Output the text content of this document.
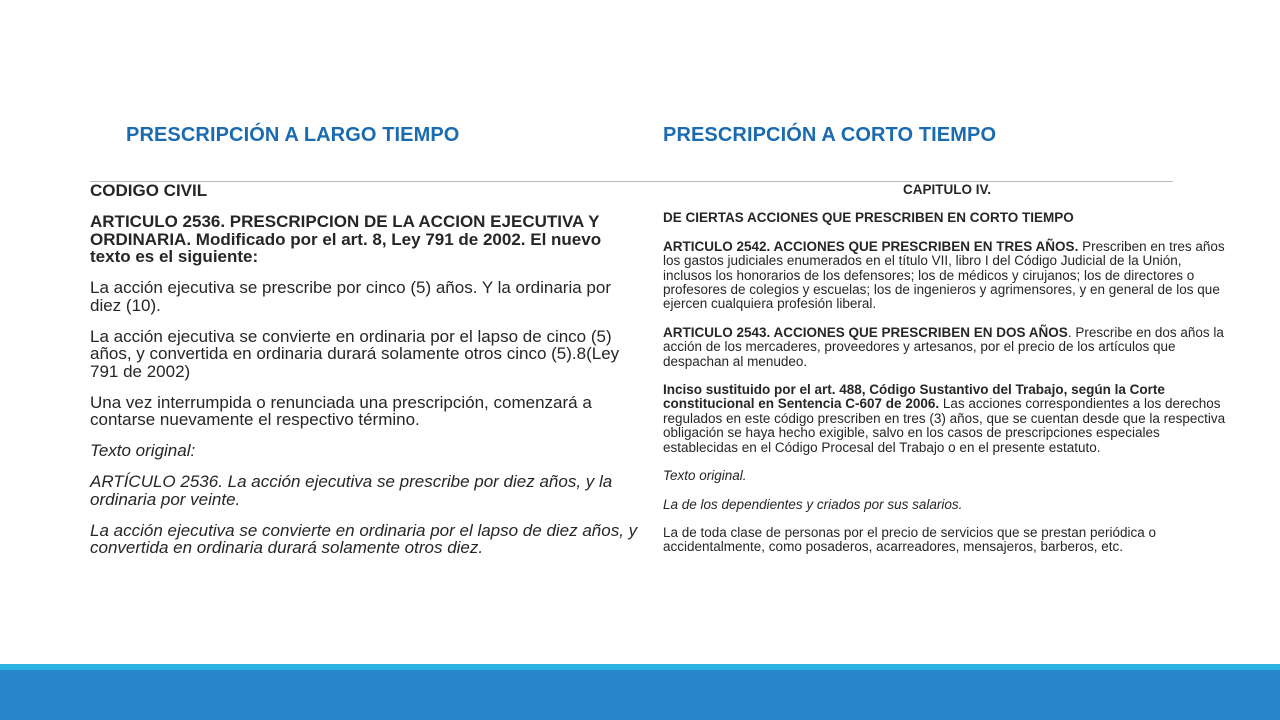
PRESCRIPCIÓN A LARGO TIEMPO	PRESCRIPCIÓN A CORTO TIEMPO

CODIGO CIVIL

ARTICULO 2536. PRESCRIPCION DE LA ACCION EJECUTIVA Y ORDINARIA. Modificado por el art. 8, Ley 791 de 2002. El nuevo texto es el siguiente:

La acción ejecutiva se prescribe por cinco (5) años. Y la ordinaria por diez (10).

La acción ejecutiva se convierte en ordinaria por el lapso de cinco (5) años, y convertida en ordinaria durará solamente otros cinco (5).8(Ley 791 de 2002)

Una vez interrumpida o renunciada una prescripción, comenzará a contarse nuevamente el respectivo término.

Texto original:

ARTÍCULO 2536. La acción ejecutiva se prescribe por diez años, y la ordinaria por veinte.

La acción ejecutiva se convierte en ordinaria por el lapso de diez años, y convertida en ordinaria durará solamente otros diez.

CAPITULO IV.

DE CIERTAS ACCIONES QUE PRESCRIBEN EN CORTO TIEMPO

ARTICULO 2542. ACCIONES QUE PRESCRIBEN EN TRES AÑOS. Prescriben en tres años los gastos judiciales enumerados en el título VII, libro I del Código Judicial de la Unión, inclusos los honorarios de los defensores; los de médicos y cirujanos; los de directores o profesores de colegios y escuelas; los de ingenieros y agrimensores, y en general de los que ejercen cualquiera profesión liberal.

ARTICULO 2543. ACCIONES QUE PRESCRIBEN EN DOS AÑOS. Prescribe en dos años la acción de los mercaderes, proveedores y artesanos, por el precio de los artículos que despachan al menudeo.

Inciso sustituido por el art. 488, Código Sustantivo del Trabajo, según la Corte constitucional en Sentencia C-607 de 2006. Las acciones correspondientes a los derechos regulados en este código prescriben en tres (3) años, que se cuentan desde que la respectiva obligación se haya hecho exigible, salvo en los casos de prescripciones especiales establecidas en el Código Procesal del Trabajo o en el presente estatuto.

Texto original.

La de los dependientes y criados por sus salarios.

La de toda clase de personas por el precio de servicios que se prestan periódica o accidentalmente, como posaderos, acarreadores, mensajeros, barberos, etc.
